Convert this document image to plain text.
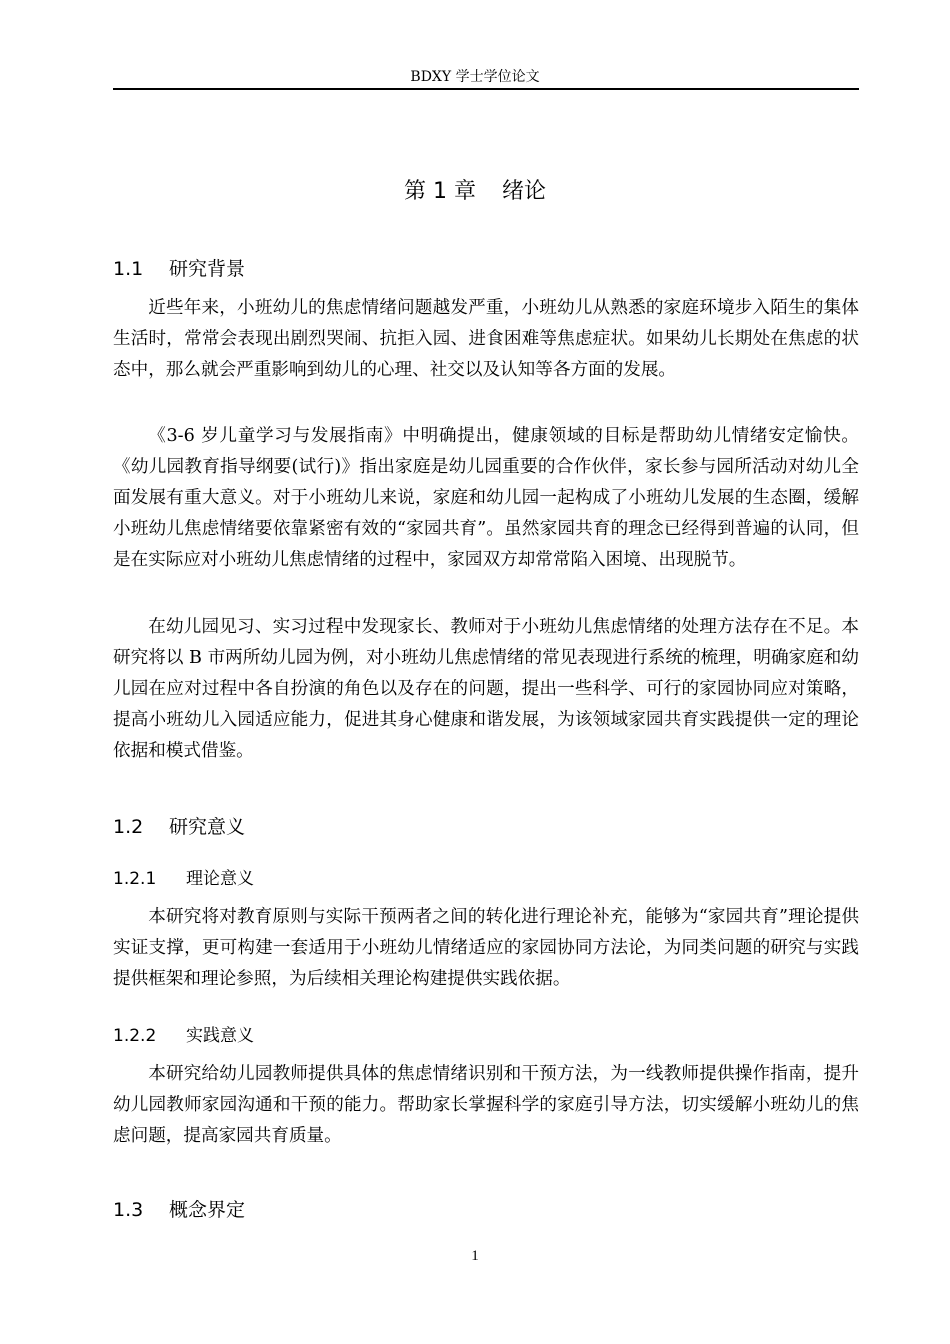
BDXY 学士学位论文
第 1 章 绪论
1.1 研究背景

近些年来，小班幼儿的焦虑情绪问题越发严重，小班幼儿从熟悉的家庭环境步入陌生的集体生活时，常常会表现出剧烈哭闹、抗拒入园、进食困难等焦虑症状。如果幼儿长期处在焦虑的状态中，那么就会严重影响到幼儿的心理、社交以及认知等各方面的发展。

《3-6 岁儿童学习与发展指南》中明确提出，健康领域的目标是帮助幼儿情绪安定愉快。《幼儿园教育指导纲要(试行)》指出家庭是幼儿园重要的合作伙伴，家长参与园所活动对幼儿全面发展有重大意义。对于小班幼儿来说，家庭和幼儿园一起构成了小班幼儿发展的生态圈，缓解小班幼儿焦虑情绪要依靠紧密有效的“家园共育”。虽然家园共育的理念已经得到普遍的认同，但是在实际应对小班幼儿焦虑情绪的过程中，家园双方却常常陷入困境、出现脱节。

在幼儿园见习、实习过程中发现家长、教师对于小班幼儿焦虑情绪的处理方法存在不足。本研究将以 B 市两所幼儿园为例，对小班幼儿焦虑情绪的常见表现进行系统的梳理，明确家庭和幼儿园在应对过程中各自扮演的角色以及存在的问题，提出一些科学、可行的家园协同应对策略，提高小班幼儿入园适应能力，促进其身心健康和谐发展，为该领域家园共育实践提供一定的理论依据和模式借鉴。

1.2 研究意义
1.2.1 理论意义

本研究将对教育原则与实际干预两者之间的转化进行理论补充，能够为“家园共育”理论提供实证支撑，更可构建一套适用于小班幼儿情绪适应的家园协同方法论，为同类问题的研究与实践提供框架和理论参照，为后续相关理论构建提供实践依据。

1.2.2 实践意义

本研究给幼儿园教师提供具体的焦虑情绪识别和干预方法，为一线教师提供操作指南，提升幼儿园教师家园沟通和干预的能力。帮助家长掌握科学的家庭引导方法，切实缓解小班幼儿的焦虑问题，提高家园共育质量。

1.3 概念界定
1
